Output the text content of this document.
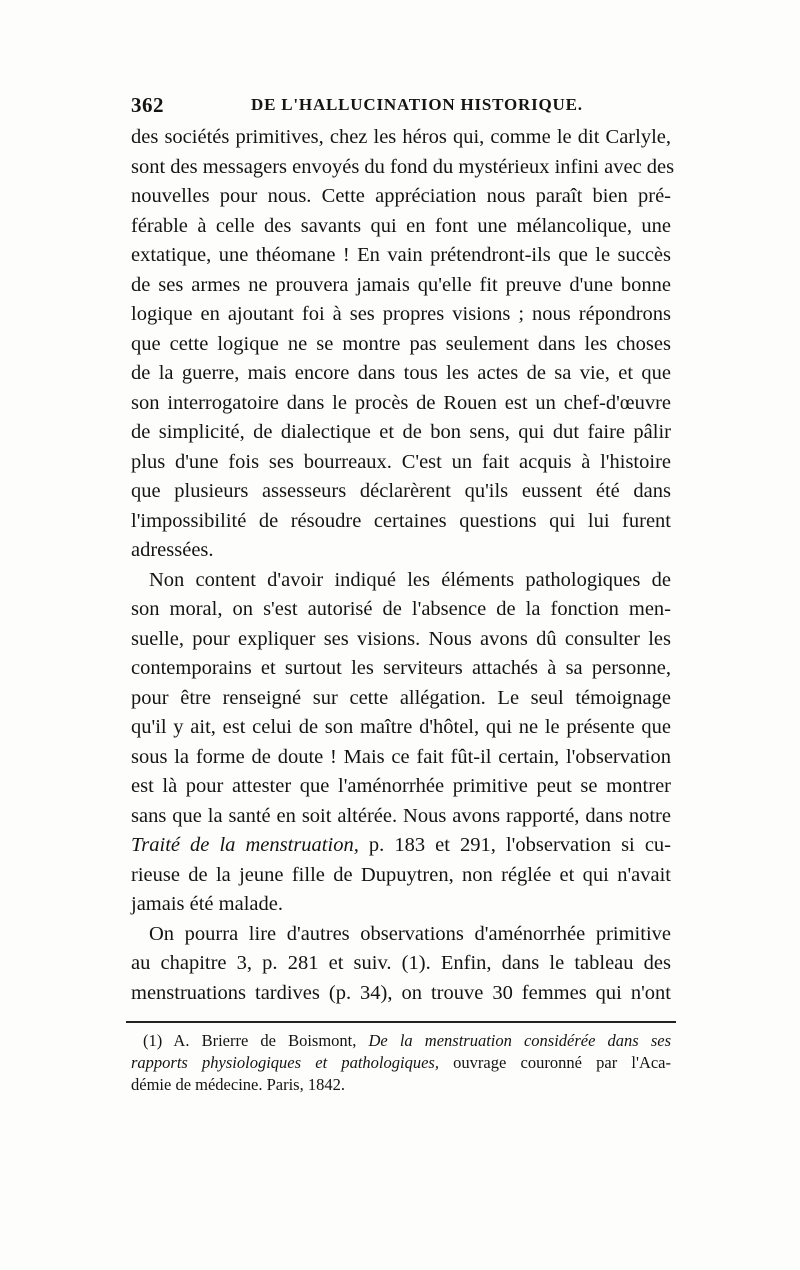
362	DE L'HALLUCINATION HISTORIQUE.
des sociétés primitives, chez les héros qui, comme le dit Carlyle,
sont des messagers envoyés du fond du mystérieux infini avec des
nouvelles pour nous. Cette appréciation nous paraît bien pré-
férable à celle des savants qui en font une mélancolique, une
extatique, une théomane ! En vain prétendront-ils que le succès
de ses armes ne prouvera jamais qu'elle fit preuve d'une bonne
logique en ajoutant foi à ses propres visions ; nous répondrons
que cette logique ne se montre pas seulement dans les choses
de la guerre, mais encore dans tous les actes de sa vie, et que
son interrogatoire dans le procès de Rouen est un chef-d'œuvre
de simplicité, de dialectique et de bon sens, qui dut faire pâlir
plus d'une fois ses bourreaux. C'est un fait acquis à l'histoire
que plusieurs assesseurs déclarèrent qu'ils eussent été dans
l'impossibilité de résoudre certaines questions qui lui furent
adressées.
Non content d'avoir indiqué les éléments pathologiques de
son moral, on s'est autorisé de l'absence de la fonction men-
suelle, pour expliquer ses visions. Nous avons dû consulter les
contemporains et surtout les serviteurs attachés à sa personne,
pour être renseigné sur cette allégation. Le seul témoignage
qu'il y ait, est celui de son maître d'hôtel, qui ne le présente que
sous la forme de doute ! Mais ce fait fût-il certain, l'observation
est là pour attester que l'aménorrhée primitive peut se montrer
sans que la santé en soit altérée. Nous avons rapporté, dans notre
Traité de la menstruation, p. 183 et 291, l'observation si cu-
rieuse de la jeune fille de Dupuytren, non réglée et qui n'avait
jamais été malade.
On pourra lire d'autres observations d'aménorrhée primitive
au chapitre 3, p. 281 et suiv. (1). Enfin, dans le tableau des
menstruations tardives (p. 34), on trouve 30 femmes qui n'ont
(1) A. Brierre de Boismont, De la menstruation considérée dans ses
rapports physiologiques et pathologiques, ouvrage couronné par l'Aca-
démie de médecine. Paris, 1842.
